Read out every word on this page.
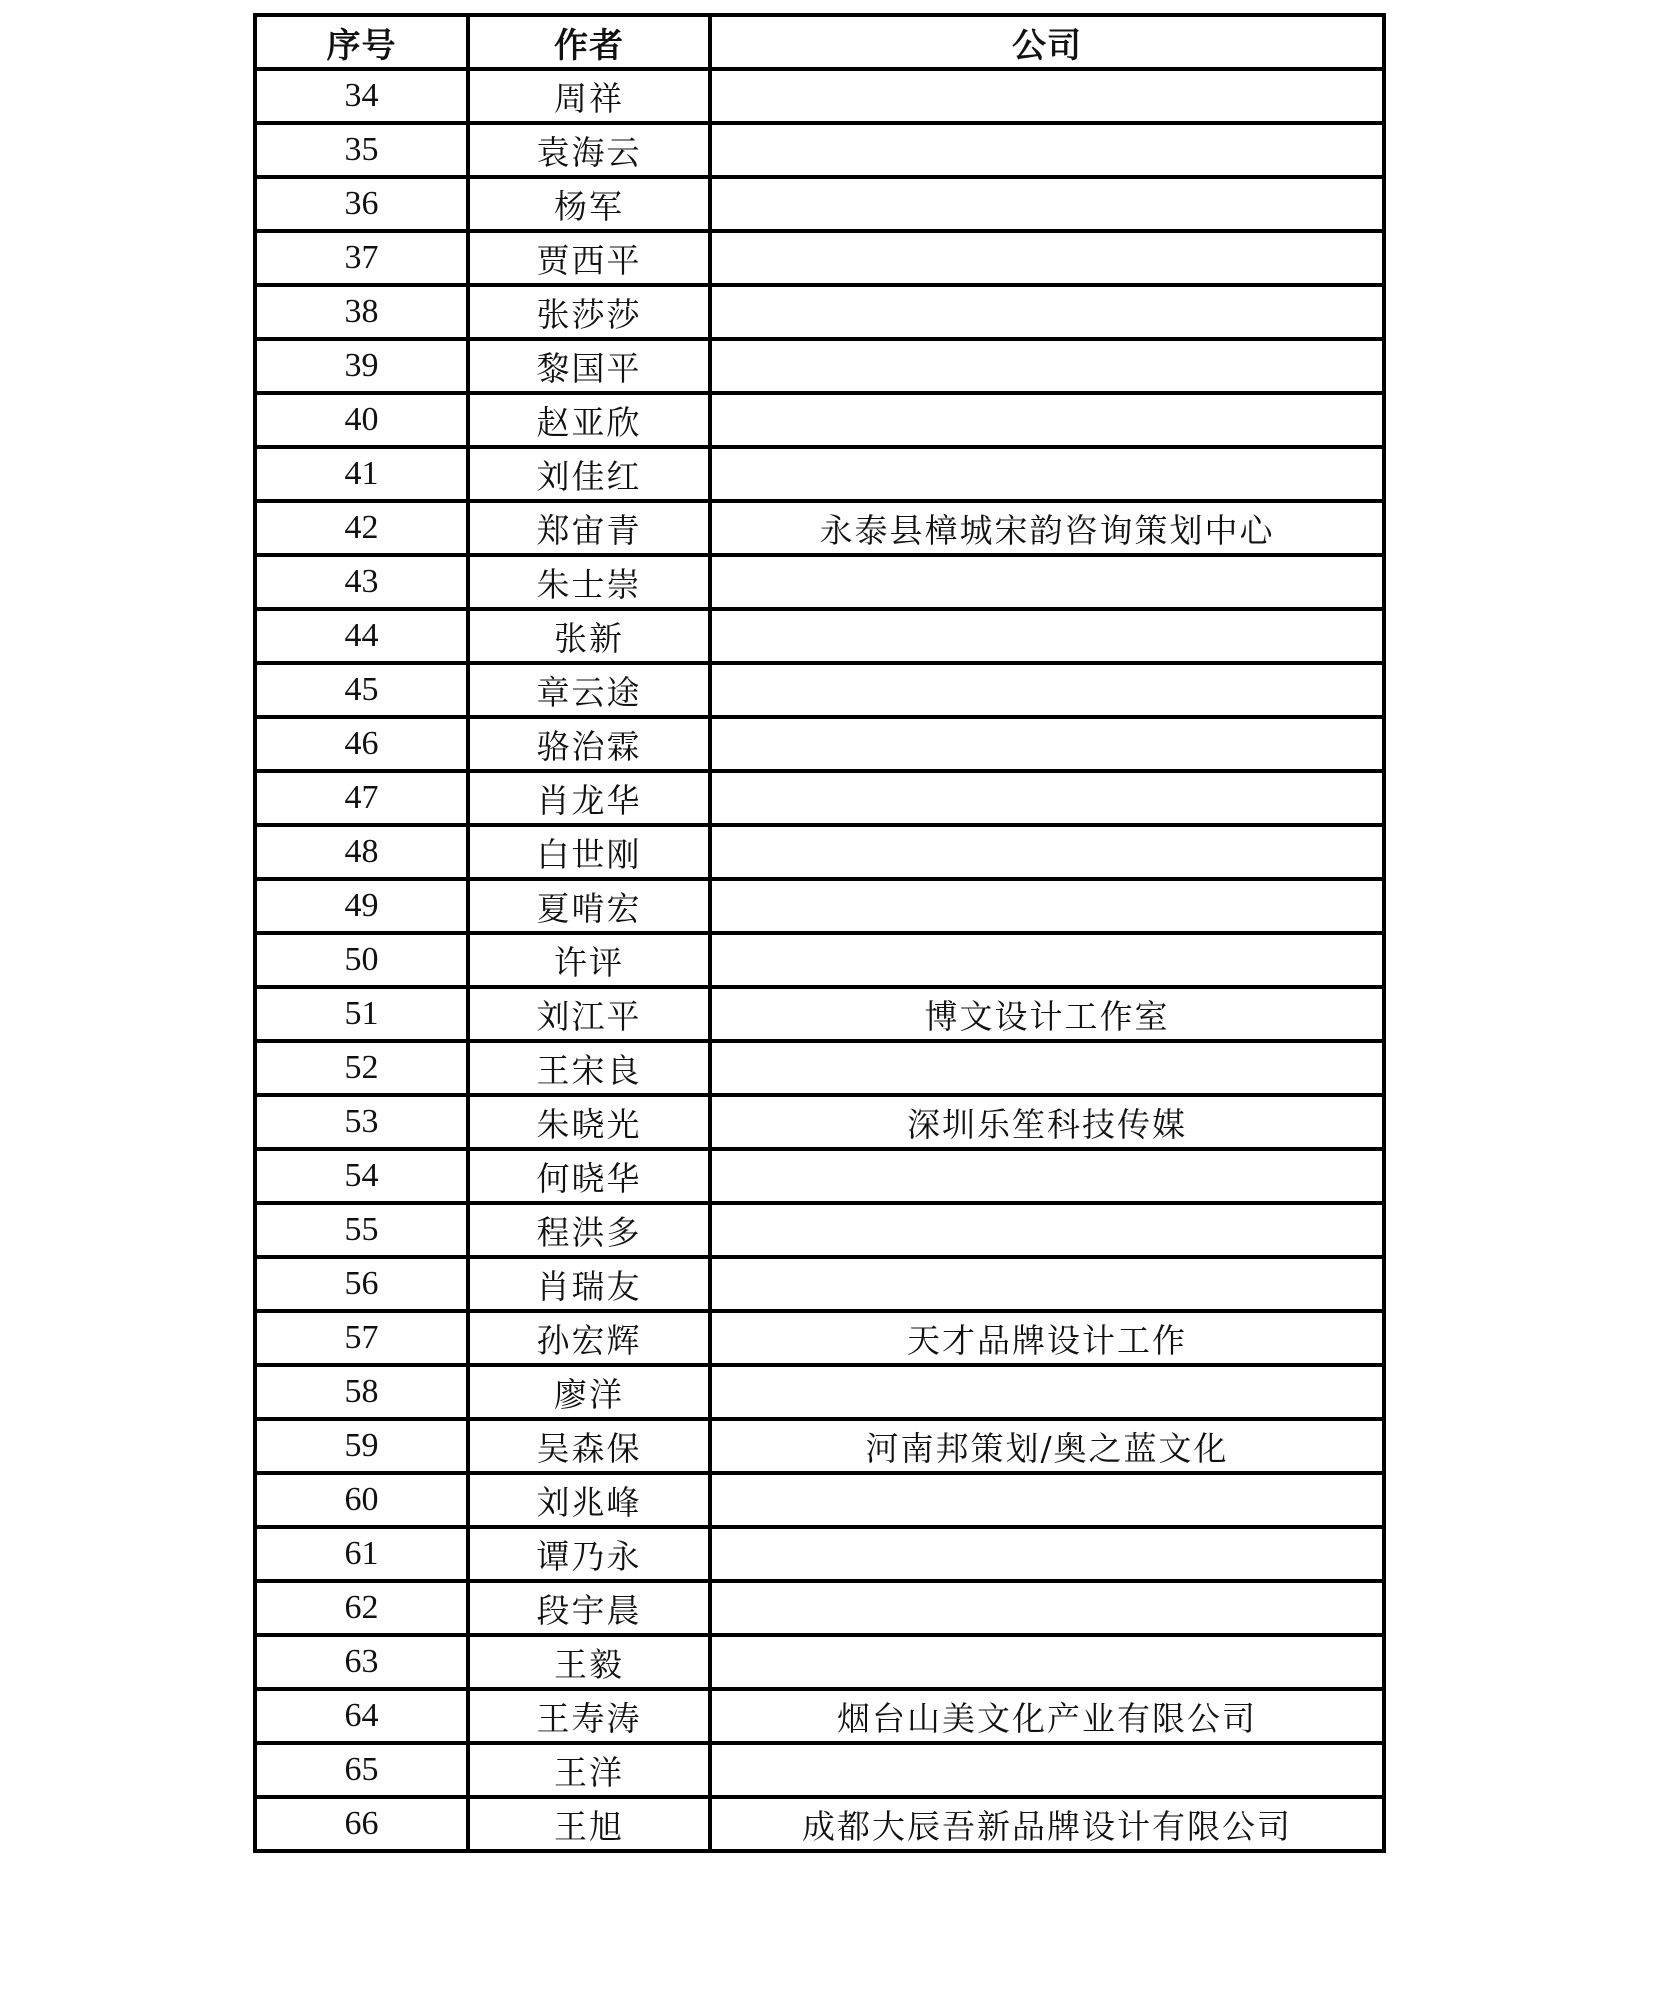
序号	作者	公司
34	周祥	
35	袁海云	
36	杨军	
37	贾西平	
38	张莎莎	
39	黎国平	
40	赵亚欣	
41	刘佳红	
42	郑宙青	永泰县樟城宋韵咨询策划中心
43	朱士崇	
44	张新	
45	章云途	
46	骆治霖	
47	肖龙华	
48	白世刚	
49	夏啃宏	
50	许评	
51	刘江平	博文设计工作室
52	王宋良	
53	朱晓光	深圳乐笙科技传媒
54	何晓华	
55	程洪多	
56	肖瑞友	
57	孙宏辉	天才品牌设计工作
58	廖洋	
59	吴森保	河南邦策划/奥之蓝文化
60	刘兆峰	
61	谭乃永	
62	段宇晨	
63	王毅	
64	王寿涛	烟台山美文化产业有限公司
65	王洋	
66	王旭	成都大辰吾新品牌设计有限公司
